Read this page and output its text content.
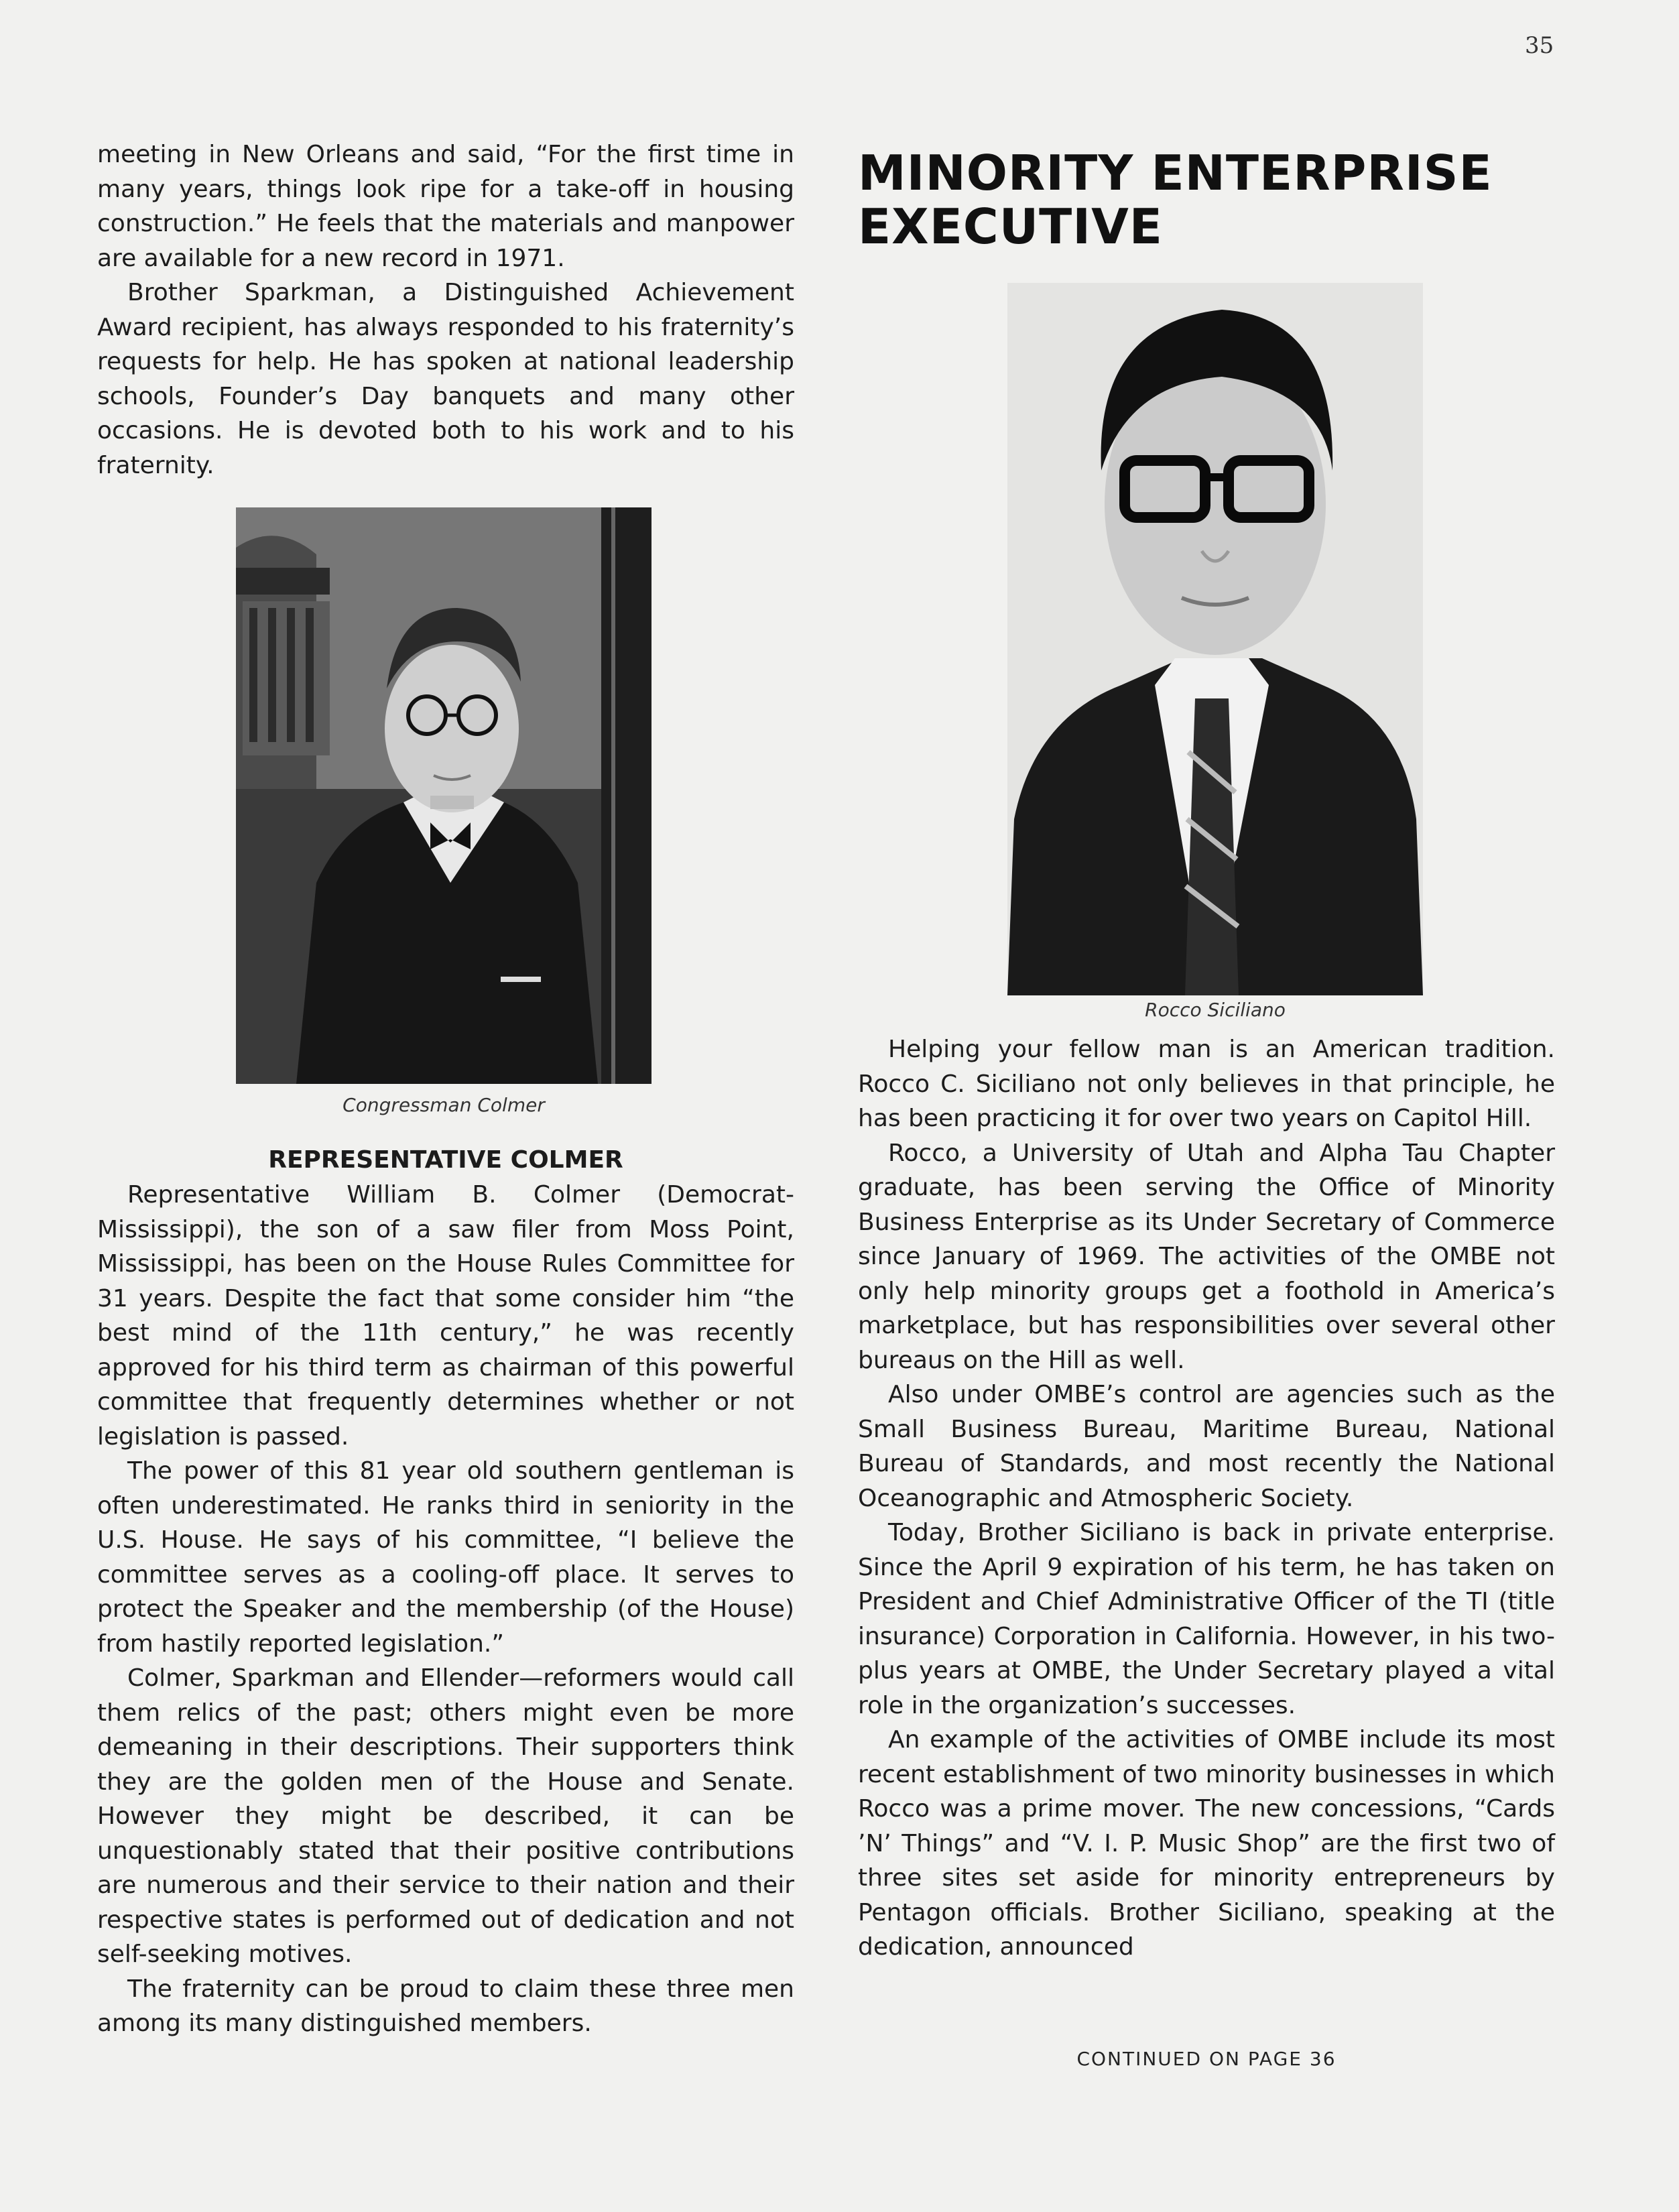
35

meeting in New Orleans and said, “For the first time in many years, things look ripe for a take-off in housing construction.” He feels that the materials and manpower are available for a new record in 1971.

Brother Sparkman, a Distinguished Achievement Award recipient, has always responded to his fraternity’s requests for help. He has spoken at national leadership schools, Founder’s Day banquets and many other occasions. He is devoted both to his work and to his fraternity.

Congressman Colmer

REPRESENTATIVE COLMER

Representative William B. Colmer (Democrat-Mississippi), the son of a saw filer from Moss Point, Mississippi, has been on the House Rules Committee for 31 years. Despite the fact that some consider him “the best mind of the 11th century,” he was recently approved for his third term as chairman of this powerful committee that frequently determines whether or not legislation is passed.

The power of this 81 year old southern gentleman is often underestimated. He ranks third in seniority in the U.S. House. He says of his committee, “I believe the committee serves as a cooling-off place. It serves to protect the Speaker and the membership (of the House) from hastily reported legislation.”

Colmer, Sparkman and Ellender—reformers would call them relics of the past; others might even be more demeaning in their descriptions. Their supporters think they are the golden men of the House and Senate. However they might be described, it can be unquestionably stated that their positive contributions are numerous and their service to their nation and their respective states is performed out of dedication and not self-seeking motives.

The fraternity can be proud to claim these three men among its many distinguished members.

MINORITY ENTERPRISE EXECUTIVE

Rocco Siciliano

Helping your fellow man is an American tradition. Rocco C. Siciliano not only believes in that principle, he has been practicing it for over two years on Capitol Hill.

Rocco, a University of Utah and Alpha Tau Chapter graduate, has been serving the Office of Minority Business Enterprise as its Under Secretary of Commerce since January of 1969. The activities of the OMBE not only help minority groups get a foothold in America’s marketplace, but has responsibilities over several other bureaus on the Hill as well.

Also under OMBE’s control are agencies such as the Small Business Bureau, Maritime Bureau, National Bureau of Standards, and most recently the National Oceanographic and Atmospheric Society.

Today, Brother Siciliano is back in private enterprise. Since the April 9 expiration of his term, he has taken on President and Chief Administrative Officer of the TI (title insurance) Corporation in California. However, in his two-plus years at OMBE, the Under Secretary played a vital role in the organization’s successes.

An example of the activities of OMBE include its most recent establishment of two minority businesses in which Rocco was a prime mover. The new concessions, “Cards ’N’ Things” and “V. I. P. Music Shop” are the first two of three sites set aside for minority entrepreneurs by Pentagon officials. Brother Siciliano, speaking at the dedication, announced

CONTINUED ON PAGE 36
